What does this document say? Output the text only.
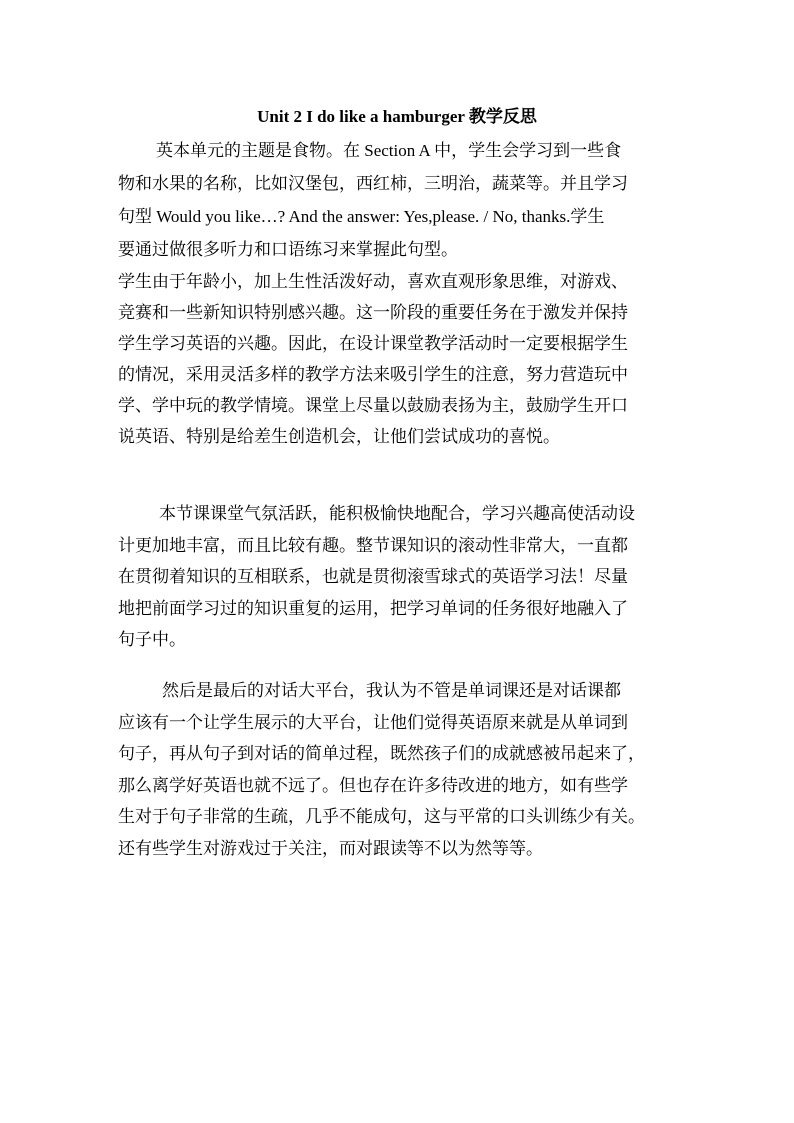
Unit 2 I do like a hamburger 教学反思
英本单元的主题是食物。在 Section A 中，学生会学习到一些食
物和水果的名称，比如汉堡包，西红柿，三明治，蔬菜等。并且学习
句型 Would you like…? And the answer: Yes,please. / No, thanks.学生
要通过做很多听力和口语练习来掌握此句型。
学生由于年龄小，加上生性活泼好动，喜欢直观形象思维，对游戏、
竞赛和一些新知识特别感兴趣。这一阶段的重要任务在于激发并保持
学生学习英语的兴趣。因此，在设计课堂教学活动时一定要根据学生
的情况，采用灵活多样的教学方法来吸引学生的注意，努力营造玩中
学、学中玩的教学情境。课堂上尽量以鼓励表扬为主，鼓励学生开口
说英语、特别是给差生创造机会，让他们尝试成功的喜悦。
本节课课堂气氛活跃，能积极愉快地配合，学习兴趣高使活动设
计更加地丰富，而且比较有趣。整节课知识的滚动性非常大，一直都
在贯彻着知识的互相联系，也就是贯彻滚雪球式的英语学习法！尽量
地把前面学习过的知识重复的运用，把学习单词的任务很好地融入了
句子中。
然后是最后的对话大平台，我认为不管是单词课还是对话课都
应该有一个让学生展示的大平台，让他们觉得英语原来就是从单词到
句子，再从句子到对话的简单过程，既然孩子们的成就感被吊起来了，
那么离学好英语也就不远了。但也存在许多待改进的地方，如有些学
生对于句子非常的生疏，几乎不能成句，这与平常的口头训练少有关。
还有些学生对游戏过于关注，而对跟读等不以为然等等。
